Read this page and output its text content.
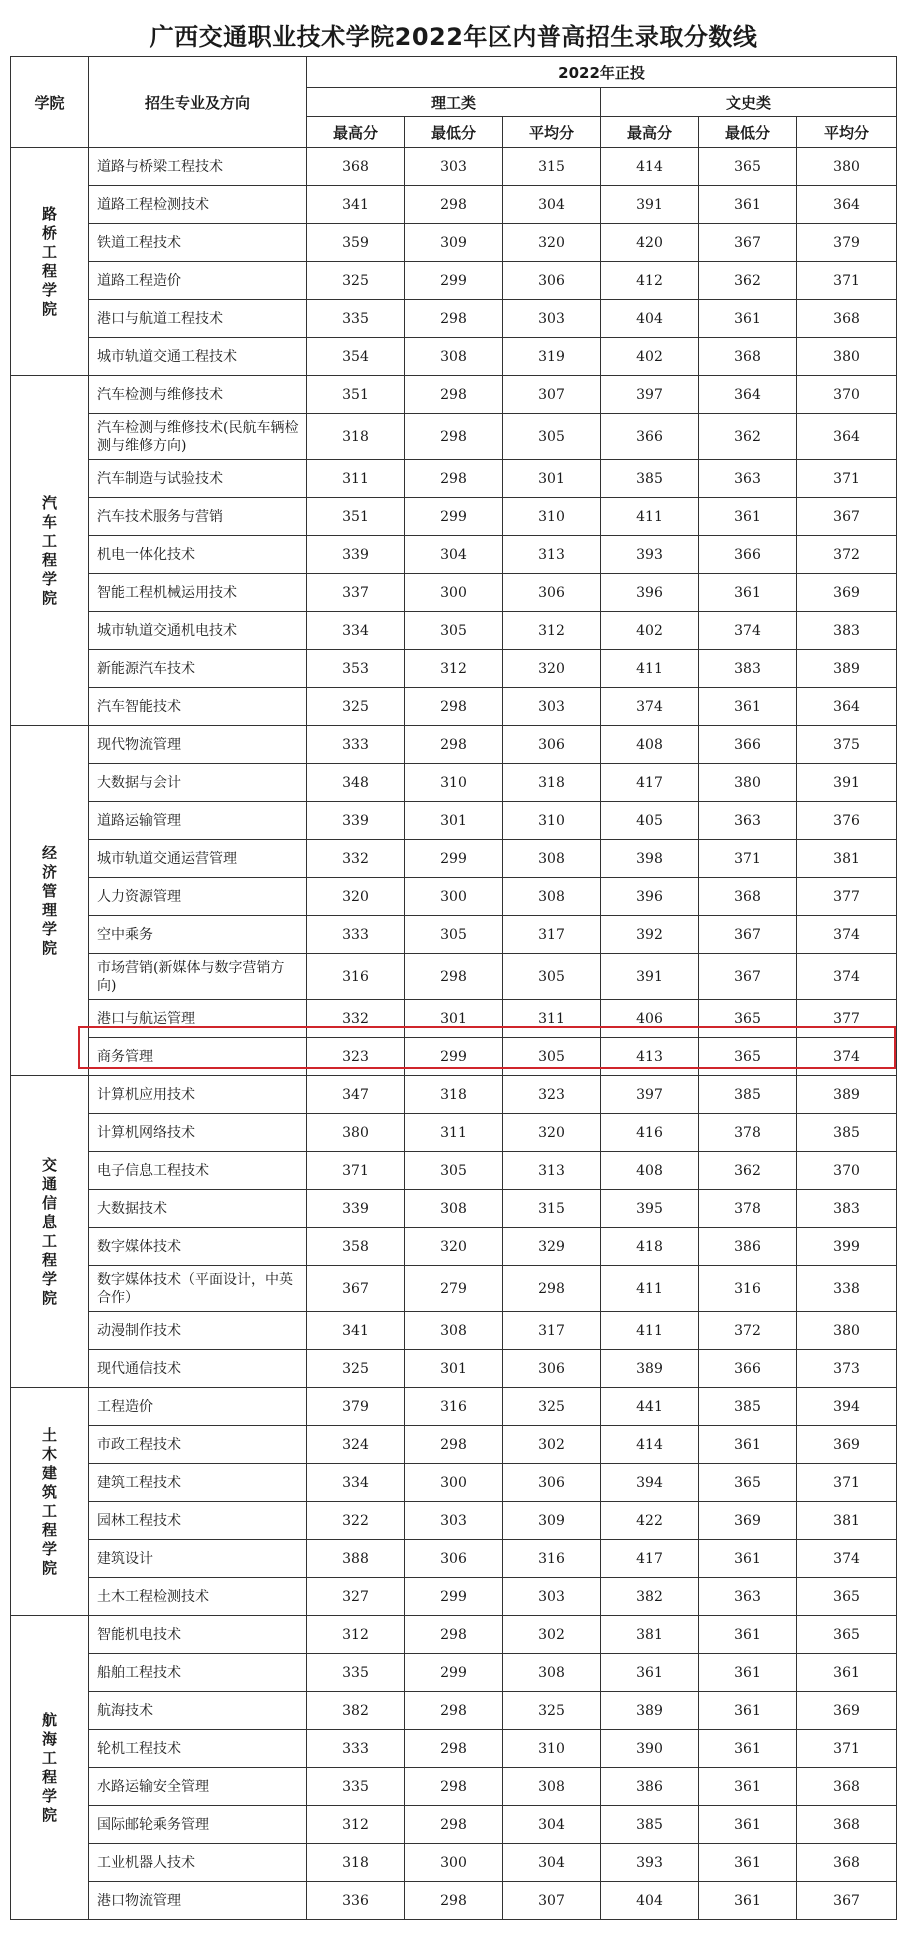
广西交通职业技术学院2022年区内普高招生录取分数线							
学院	招生专业及方向	2022年正投					
		理工类			文史类		
		最高分	最低分	平均分	最高分	最低分	平均分
路桥工程学院	道路与桥梁工程技术	368	303	315	414	365	380
	道路工程检测技术	341	298	304	391	361	364
	铁道工程技术	359	309	320	420	367	379
	道路工程造价	325	299	306	412	362	371
	港口与航道工程技术	335	298	303	404	361	368
	城市轨道交通工程技术	354	308	319	402	368	380
汽车工程学院	汽车检测与维修技术	351	298	307	397	364	370
	汽车检测与维修技术(民航车辆检测与维修方向)	318	298	305	366	362	364
	汽车制造与试验技术	311	298	301	385	363	371
	汽车技术服务与营销	351	299	310	411	361	367
	机电一体化技术	339	304	313	393	366	372
	智能工程机械运用技术	337	300	306	396	361	369
	城市轨道交通机电技术	334	305	312	402	374	383
	新能源汽车技术	353	312	320	411	383	389
	汽车智能技术	325	298	303	374	361	364
经济管理学院	现代物流管理	333	298	306	408	366	375
	大数据与会计	348	310	318	417	380	391
	道路运输管理	339	301	310	405	363	376
	城市轨道交通运营管理	332	299	308	398	371	381
	人力资源管理	320	300	308	396	368	377
	空中乘务	333	305	317	392	367	374
	市场营销(新媒体与数字营销方向)	316	298	305	391	367	374
	港口与航运管理	332	301	311	406	365	377
	商务管理	323	299	305	413	365	374
交通信息工程学院	计算机应用技术	347	318	323	397	385	389
	计算机网络技术	380	311	320	416	378	385
	电子信息工程技术	371	305	313	408	362	370
	大数据技术	339	308	315	395	378	383
	数字媒体技术	358	320	329	418	386	399
	数字媒体技术（平面设计，中英合作）	367	279	298	411	316	338
	动漫制作技术	341	308	317	411	372	380
	现代通信技术	325	301	306	389	366	373
土木建筑工程学院	工程造价	379	316	325	441	385	394
	市政工程技术	324	298	302	414	361	369
	建筑工程技术	334	300	306	394	365	371
	园林工程技术	322	303	309	422	369	381
	建筑设计	388	306	316	417	361	374
	土木工程检测技术	327	299	303	382	363	365
航海工程学院	智能机电技术	312	298	302	381	361	365
	船舶工程技术	335	299	308	361	361	361
	航海技术	382	298	325	389	361	369
	轮机工程技术	333	298	310	390	361	371
	水路运输安全管理	335	298	308	386	361	368
	国际邮轮乘务管理	312	298	304	385	361	368
	工业机器人技术	318	300	304	393	361	368
	港口物流管理	336	298	307	404	361	367
